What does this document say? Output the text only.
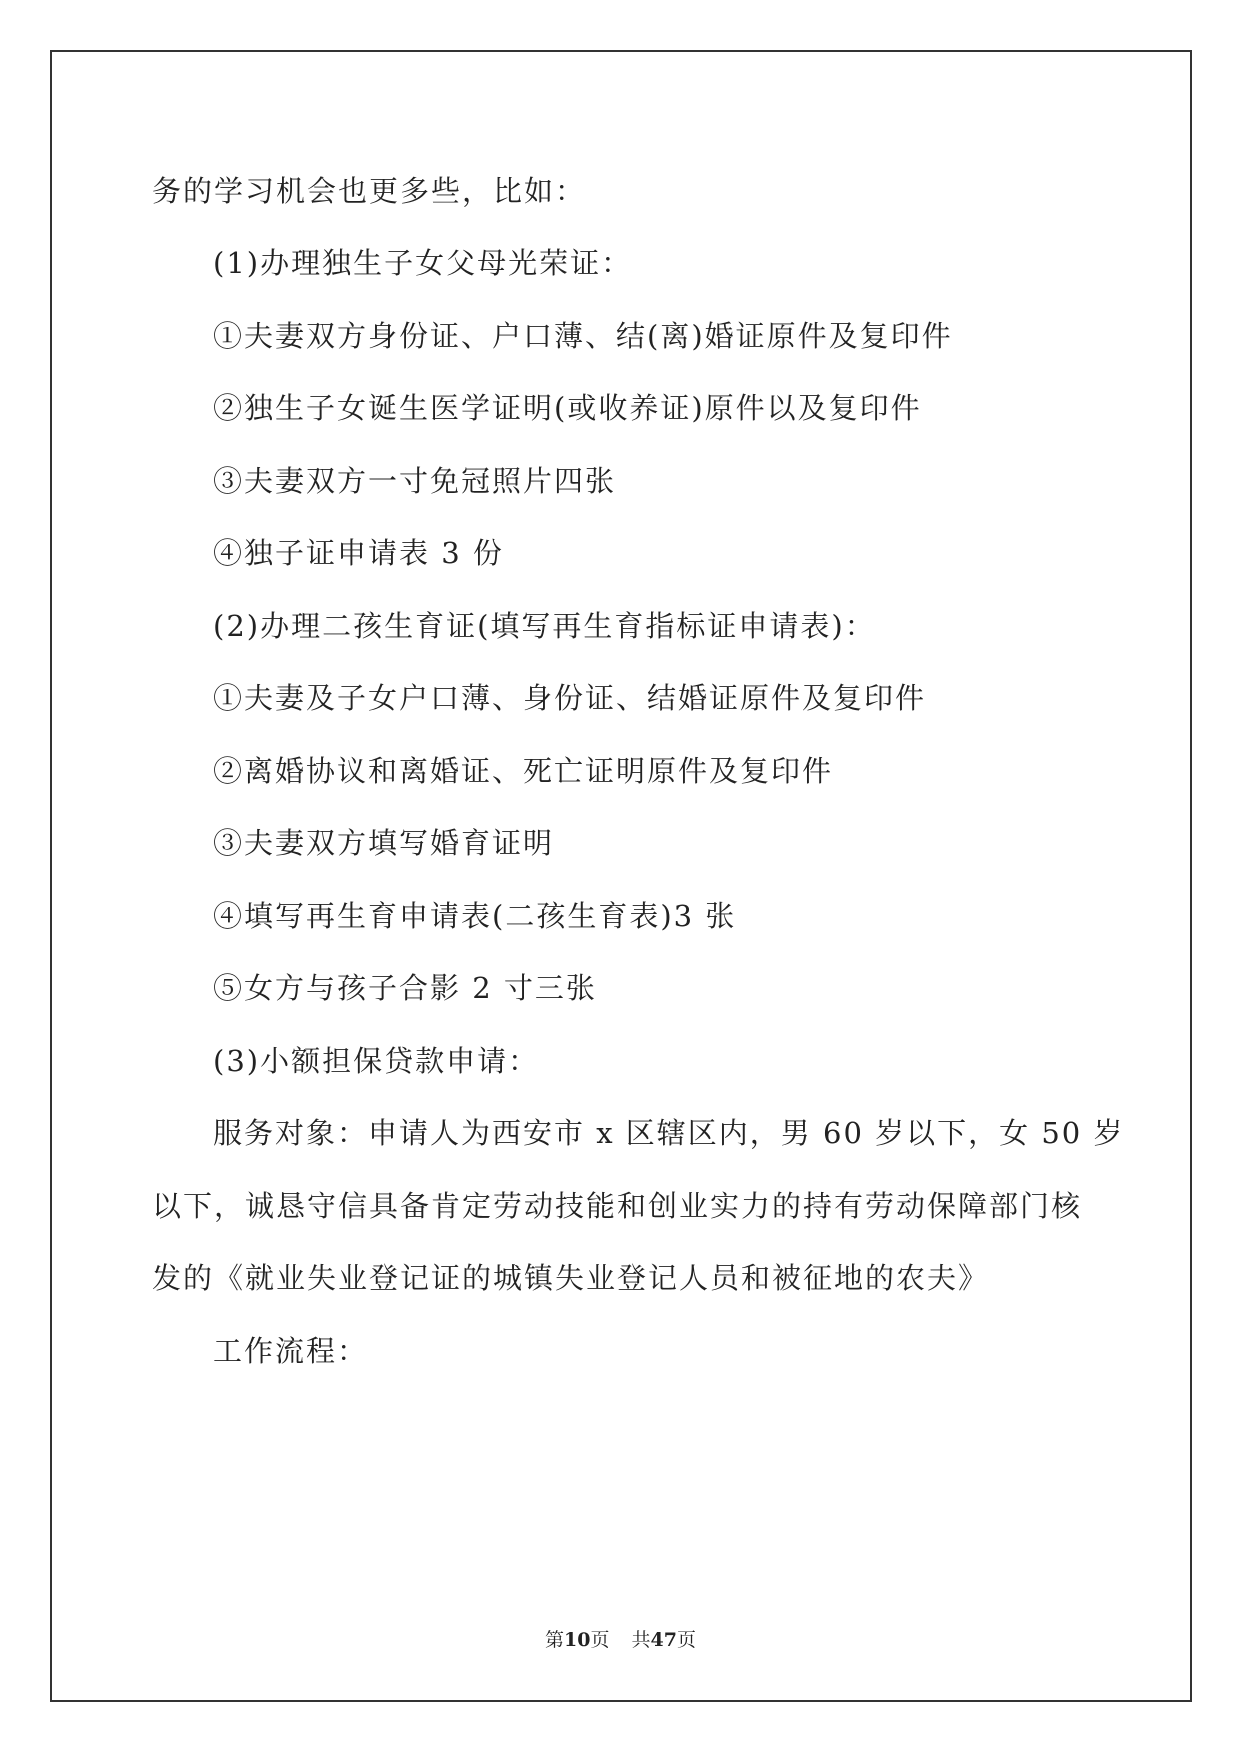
务的学习机会也更多些，比如：
(1)办理独生子女父母光荣证：
①夫妻双方身份证、户口薄、结(离)婚证原件及复印件
②独生子女诞生医学证明(或收养证)原件以及复印件
③夫妻双方一寸免冠照片四张
④独子证申请表 3 份
(2)办理二孩生育证(填写再生育指标证申请表)：
①夫妻及子女户口薄、身份证、结婚证原件及复印件
②离婚协议和离婚证、死亡证明原件及复印件
③夫妻双方填写婚育证明
④填写再生育申请表(二孩生育表)3 张
⑤女方与孩子合影 2 寸三张
(3)小额担保贷款申请：
服务对象：申请人为西安市 x 区辖区内，男 60 岁以下，女 50 岁
以下，诚恳守信具备肯定劳动技能和创业实力的持有劳动保障部门核
发的《就业失业登记证的城镇失业登记人员和被征地的农夫》
工作流程：
第10页 共47页
